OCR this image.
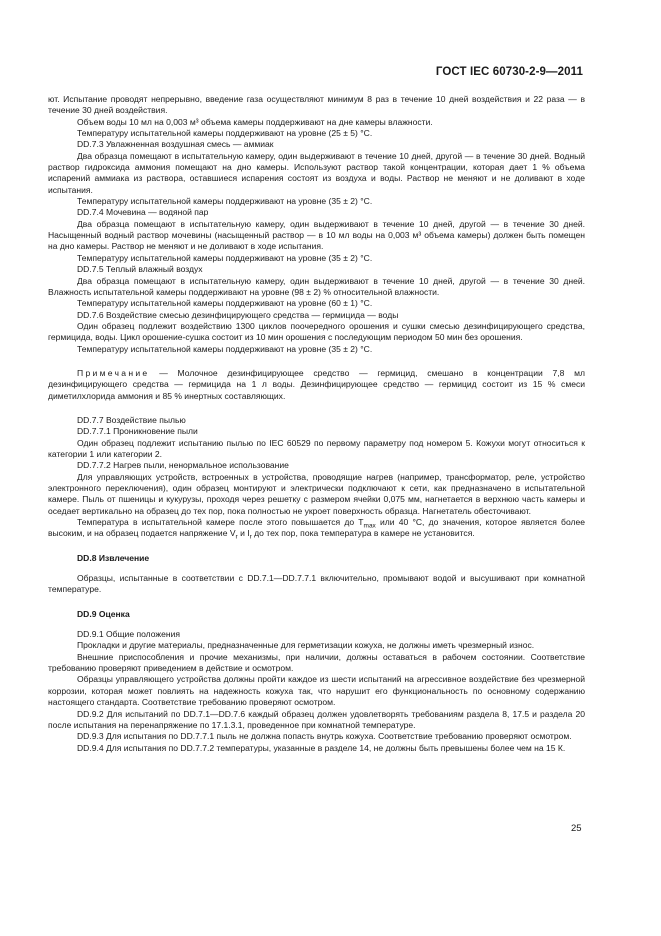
ГОСТ IEC 60730-2-9—2011

ют. Испытание проводят непрерывно, введение газа осуществляют минимум 8 раз в течение 10 дней воздействия и 22 раза — в течение 30 дней воздействия.

Объем воды 10 мл на 0,003 м³ объема камеры поддерживают на дне камеры влажности.

Температуру испытательной камеры поддерживают на уровне (25 ± 5) °С.

DD.7.3 Увлажненная воздушная смесь — аммиак

Два образца помещают в испытательную камеру, один выдерживают в течение 10 дней, другой — в течение 30 дней. Водный раствор гидроксида аммония помещают на дно камеры. Используют раствор такой концентрации, которая дает 1 % объема испарений аммиака из раствора, оставшиеся испарения состоят из воздуха и воды. Раствор не меняют и не доливают в ходе испытания.

Температуру испытательной камеры поддерживают на уровне (35 ± 2) °С.

DD.7.4 Мочевина — водяной пар

Два образца помещают в испытательную камеру, один выдерживают в течение 10 дней, другой — в течение 30 дней. Насыщенный водный раствор мочевины (насыщенный раствор — в 10 мл воды на 0,003 м³ объема камеры) должен быть помещен на дно камеры. Раствор не меняют и не доливают в ходе испытания.

Температуру испытательной камеры поддерживают на уровне (35 ± 2) °С.

DD.7.5 Теплый влажный воздух

Два образца помещают в испытательную камеру, один выдерживают в течение 10 дней, другой — в течение 30 дней. Влажность испытательной камеры поддерживают на уровне (98 ± 2) % относительной влажности.

Температуру испытательной камеры поддерживают на уровне (60 ± 1) °С.

DD.7.6 Воздействие смесью дезинфицирующего средства — гермицида — воды

Один образец подлежит воздействию 1300 циклов поочередного орошения и сушки смесью дезинфицирующего средства, гермицида, воды. Цикл орошение-сушка состоит из 10 мин орошения с последующим периодом 50 мин без орошения.

Температуру испытательной камеры поддерживают на уровне (35 ± 2) °С.

Примечание — Молочное дезинфицирующее средство — гермицид, смешано в концентрации 7,8 мл дезинфицирующего средства — гермицида на 1 л воды. Дезинфицирующее средство — гермицид состоит из 15 % смеси диметилхлорида аммония и 85 % инертных составляющих.

DD.7.7 Воздействие пылью

DD.7.7.1 Проникновение пыли

Один образец подлежит испытанию пылью по IEC 60529 по первому параметру под номером 5. Кожухи могут относиться к категории 1 или категории 2.

DD.7.7.2 Нагрев пыли, ненормальное использование

Для управляющих устройств, встроенных в устройства, проводящие нагрев (например, трансформатор, реле, устройство электронного переключения), один образец монтируют и электрически подключают к сети, как предназначено в испытательной камере. Пыль от пшеницы и кукурузы, проходя через решетку с размером ячейки 0,075 мм, нагнетается в верхнюю часть камеры и оседает вертикально на образец до тех пор, пока полностью не укроет поверхность образца. Нагнетатель обесточивают.

Температура в испытательной камере после этого повышается до $T_{max}$ или 40 °С, до значения, которое является более высоким, и на образец подается напряжение $V_r$ и $I_r$ до тех пор, пока температура в камере не установится.

DD.8 Извлечение

Образцы, испытанные в соответствии с DD.7.1—DD.7.7.1 включительно, промывают водой и высушивают при комнатной температуре.

DD.9 Оценка

DD.9.1 Общие положения

Прокладки и другие материалы, предназначенные для герметизации кожуха, не должны иметь чрезмерный износ.

Внешние приспособления и прочие механизмы, при наличии, должны оставаться в рабочем состоянии. Соответствие требованию проверяют приведением в действие и осмотром.

Образцы управляющего устройства должны пройти каждое из шести испытаний на агрессивное воздействие без чрезмерной коррозии, которая может повлиять на надежность кожуха так, что нарушит его функциональность по основному содержанию настоящего стандарта. Соответствие требованию проверяют осмотром.

DD.9.2 Для испытаний по DD.7.1—DD.7.6 каждый образец должен удовлетворять требованиям раздела 8, 17.5 и раздела 20 после испытания на перенапряжение по 17.1.3.1, проведенное при комнатной температуре.

DD.9.3 Для испытания по DD.7.7.1 пыль не должна попасть внутрь кожуха. Соответствие требованию проверяют осмотром.

DD.9.4 Для испытания по DD.7.7.2 температуры, указанные в разделе 14, не должны быть превышены более чем на 15 К.

25
